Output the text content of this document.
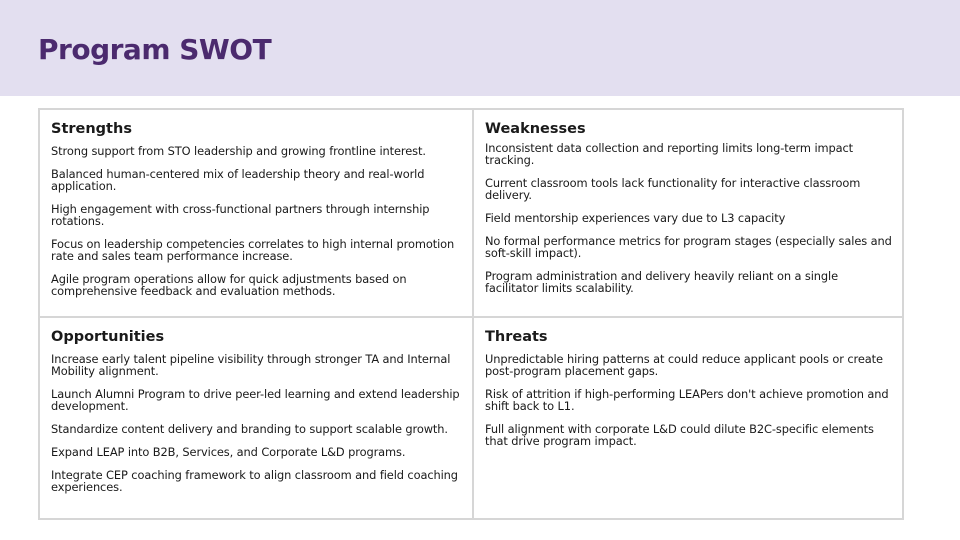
Program SWOT
Strengths

Strong support from STO leadership and growing frontline interest.

Balanced human-centered mix of leadership theory and real-world application.

High engagement with cross-functional partners through internship rotations.

Focus on leadership competencies correlates to high internal promotion rate and sales team performance increase.

Agile program operations allow for quick adjustments based on comprehensive feedback and evaluation methods.

Weaknesses

Inconsistent data collection and reporting limits long-term impact tracking.

Current classroom tools lack functionality for interactive classroom delivery.

Field mentorship experiences vary due to L3 capacity

No formal performance metrics for program stages (especially sales and soft-skill impact).

Program administration and delivery heavily reliant on a single facilitator limits scalability.

Opportunities

Increase early talent pipeline visibility through stronger TA and Internal Mobility alignment.

Launch Alumni Program to drive peer-led learning and extend leadership development.

Standardize content delivery and branding to support scalable growth.

Expand LEAP into B2B, Services, and Corporate L&D programs.

Integrate CEP coaching framework to align classroom and field coaching experiences.

Threats

Unpredictable hiring patterns at could reduce applicant pools or create post-program placement gaps.

Risk of attrition if high-performing LEAPers don't achieve promotion and shift back to L1.

Full alignment with corporate L&D could dilute B2C-specific elements that drive program impact.
